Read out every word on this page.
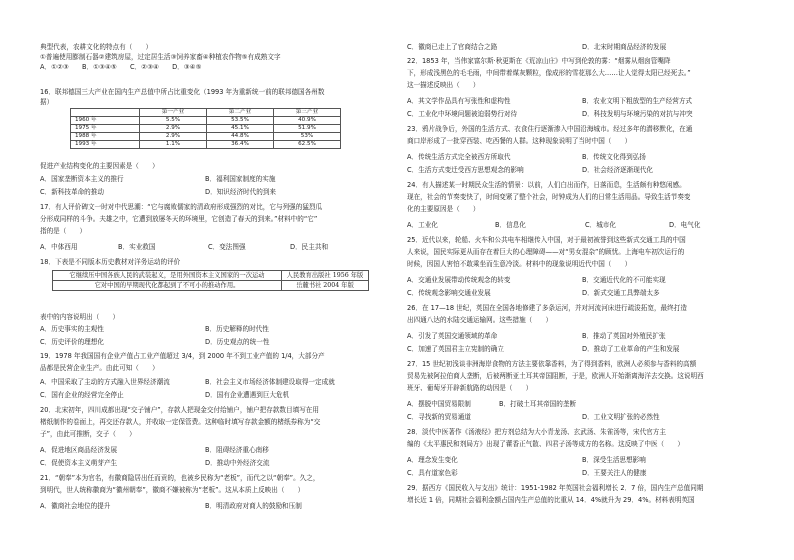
典型代表，农耕文化的特点有（　　）
①普遍使用膨制石器②建筑房屋，过定居生活③饲养家畜④种植农作物⑤有成熟文字
A．①②③　　B．①③④⑤　　C．②③④　　D．③④⑤
16．联邦德国三大产业在国内生产总值中所占比重变化（1993 年为重新统一前的联邦德国各州数
据）
	第一产业	第二产业	第三产业
1960 年	5.5%	53.5%	40.9%
1975 年	2.9%	45.1%	51.9%
1988 年	2.9%	44.8%	53%
1993 年	1.1%	36.4%	62.5%
促进产业结构变化的主要因素是（　　）
A．国家垄断资本主义的推行	B．福利国家制度的实施
C．新科技革命的推动	D．知识经济时代的到来
17．有人评价碑文一时对中代思潮：“它与腐败儒家的清政府形成强烈的对比，它与列强的猛烈瓜
分形成同样的斗争。夫雄之中，它遭到放屡冬天的环境里，它创造了春天的到来。”材料中的“它”
指的是（　　）
A．中体西用	B．实业救国	C．变法图强	D．民主共和
18．下表是不同版本历史教材对洋务运动的评价
它继续压中国各族人民的武装起义，是用外国资本主义国家的一次运动	人民教育出版社 1956 年版
它对中国的早期现代化都起到了不可小的推动作用。	岳麓书社 2004 年版
表中的内容说明出（　　）
A．历史事实的主观性	B．历史解释的时代性
C．历史评价的理想化	D．历史观点的统一性
19．1978 年我国国有企业产值占工业产值超过 3/4，到 2000 年不到工业产值的 1/4，大部分产
品都是民营企业生产。由此可知（　　）
A．中国采取了主动的方式融入世界经济潮流	B．社会主义市场经济体制建设取得一定成就
C．国有企业的经营完全停止	D．国有企业遭遇到巨大危机
20．北宋初年，四川成都出现“交子铺户”，存款人把现金交付给铺户，铺户把存款数目填写在用
楮纸制作的卷面上，再交还存款人，并收取一定保管费。这种临时填写存款金额的楮纸券称为“交
子”，由此可推断，交子（　　）
A．促进地区商品经济发展	B．阻碍经济重心南移
C．促使资本主义萌芽产生	D．推动中外经济交流
21．“朝奉”本为官名，有徽商隐居出任而贡的，也被乡民称为“老板”，而代之以“朝奉”。久之，
到明代，世人统称徽商为“徽州朝奉”，徽商不嫌被称为“老板”。这从本质上反映出（　　）
A．徽商社会地位的提升	B．明清政府对商人的鼓励和压制
C．徽商已走上了官商结合之路	D．北宋时期商品经济的发展
22．1853 年，当伟家富尔斯·秋更斯在《荒凉山庄》中写到伦敦的雾：“烟雾从烟囱管嘴降
下，形成浅黑色的毛毛雨，中间带着煤灰颗粒，像成形的雪花那么大……让人觉得太阳已经死去。”
这一描述反映出（　　）
A．其文学作品具有写张性和虚构性	B．农业文明下粗放型的生产经营方式
C．工业化中环境问题被迫弱势行对待	D．科技发明与环境污染的对抗与冲突
23．鸦片战争后，外国的生活方式、衣食住行逐渐渗入中国沿海城市。经过多年的潜移默化，在通
商口岸形成了一批穿西装、吃西餐的人群。这种现象说明了当时中国（　　）
A．传统生活方式完全被西方所取代	B．传统文化得到弘扬
C．生活方式变迁受西方思想观念的影响	D．社会经济逐渐现代化
24．有人描述某一时期民众生活的情景：以前，人们白出而作，日落而息，生活颇有种悠闲感。
现在，社会的节奏变快了，时间变紧了整个社会，时钟成为人们的日常生活用品。导致生活节奏变
化的主要原因是（　　）
A．工业化	B．信息化	C．城市化	D．电气化
25．近代以来，轮船、火车和公共电车相继传入中国，对于最初被誉到这些新式交通工具的中国
人来说，国民实际更从而存在着巨大的心理障碍——对“男女混杂”的顾忧。上海电车初次运行的
时候，因国人害怕不敢乘坐而生意冷淡。材料中的现象说明近代中国（　　）
A．交通业发展带动传统观念的转变	B．交通近代化的不可能实现
C．传统观念影响交通业发展	D．新式交通工具弊端太多
26．在 17—18 世纪，英国在全国各地修建了多条运河，并对河流河床进行疏浚拓宽，最终打造
出四通八达的水陆交通运输网。这些措施（　　）
A．引发了英国交通领域的革命	B．推动了英国对外殖民扩张
C．加速了英国君主立宪制的确立	D．推动了工业革命的产生和发展
27．15 世纪初浅谈非洲海岸食物的方法主要依靠香料，为了得到香料，欧洲人必须参与香料的高额
贸易先被阿拉伯商人垄断，后被两断亚土耳其帝国阻断，于是，欧洲人开始渐离海洋去交换。这说明西
班牙、葡萄牙开辟新航路的动因是（　　）
A．摆脱中国贸易限制	B．打破土耳其帝国的垄断
C．寻找新的贸易通道	D．工业文明扩张的必然性
28．淡代中医著作《汤液经》把方剂总结为大小青龙汤、玄武汤、朱雀汤等，宋代官方主
编的《太平惠民和剂局方》出现了藿香正气散、四君子汤等成方的名称。这反映了中医（　　）
A．理念发生变化	B．深受生活思想影响
C．具有道家色彩	D．王要关注人的健康
29．据西方《国民收入与支出》统计：1951-1982 年英国社会福利增长 2．7 倍，国内生产总值同期
增长近 1 倍，同期社会福利金额占国内生产总值的比重从 14．4%就升为 29．4%。材料表明英国
